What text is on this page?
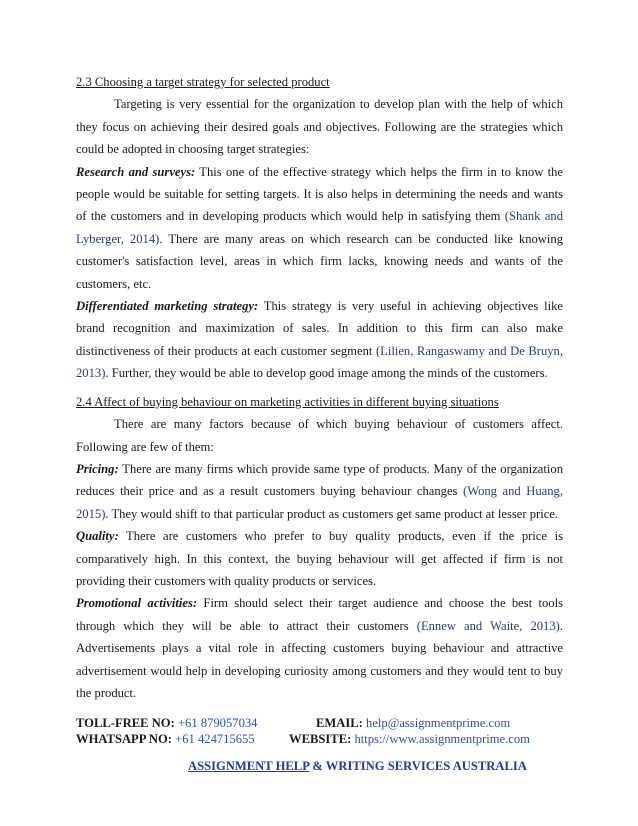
2.3 Choosing a target strategy for selected product

Targeting is very essential for the organization to develop plan with the help of which they focus on achieving their desired goals and objectives. Following are the strategies which could be adopted in choosing target strategies:

Research and surveys: This one of the effective strategy which helps the firm in to know the people would be suitable for setting targets. It is also helps in determining the needs and wants of the customers and in developing products which would help in satisfying them (Shank and Lyberger, 2014). There are many areas on which research can be conducted like knowing customer's satisfaction level, areas in which firm lacks, knowing needs and wants of the customers, etc.

Differentiated marketing strategy: This strategy is very useful in achieving objectives like brand recognition and maximization of sales. In addition to this firm can also make distinctiveness of their products at each customer segment (Lilien, Rangaswamy and De Bruyn, 2013). Further, they would be able to develop good image among the minds of the customers.

2.4 Affect of buying behaviour on marketing activities in different buying situations

There are many factors because of which buying behaviour of customers affect. Following are few of them:

Pricing: There are many firms which provide same type of products. Many of the organization reduces their price and as a result customers buying behaviour changes (Wong and Huang, 2015). They would shift to that particular product as customers get same product at lesser price.

Quality: There are customers who prefer to buy quality products, even if the price is comparatively high. In this context, the buying behaviour will get affected if firm is not providing their customers with quality products or services.

Promotional activities: Firm should select their target audience and choose the best tools through which they will be able to attract their customers (Ennew and Waite, 2013). Advertisements plays a vital role in affecting customers buying behaviour and attractive advertisement would help in developing curiosity among customers and they would tent to buy the product.

TOLL-FREE NO: +61 879057034	EMAIL: help@assignmentprime.com
WHATSAPP NO: +61 424715655	WEBSITE: https://www.assignmentprime.com
ASSIGNMENT HELP & WRITING SERVICES AUSTRALIA
